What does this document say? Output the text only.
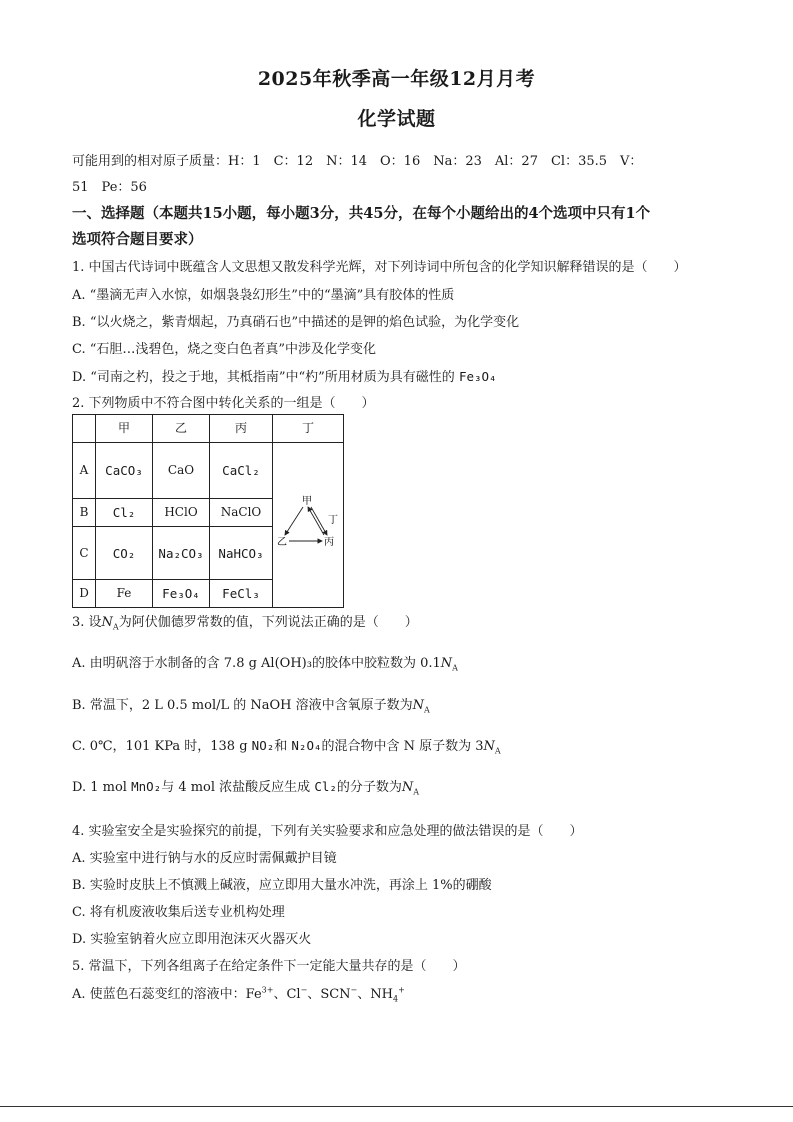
2025年秋季高一年级12月月考
化学试题
可能用到的相对原子质量：H：1　C：12　N：14　O：16　Na：23　Al：27　Cl：35.5　V：
51　Pe：56
一、选择题（本题共15小题，每小题3分，共45分，在每个小题给出的4个选项中只有1个
选项符合题目要求）
1. 中国古代诗词中既蕴含人文思想又散发科学光辉，对下列诗词中所包含的化学知识解释错误的是（　　）
A. “墨滴无声入水惊，如烟袅袅幻形生”中的“墨滴”具有胶体的性质
B. “以火烧之，紫青烟起，乃真硝石也”中描述的是钾的焰色试验，为化学变化
C. “石胆…浅碧色，烧之变白色者真”中涉及化学变化
D. “司南之杓，投之于地，其柢指南”中“杓”所用材质为具有磁性的 Fe₃O₄
2. 下列物质中不符合图中转化关系的一组是（　　）
	甲	乙	丙	丁
A	CaCO₃	CaO	CaCl₂	甲
乙 丙
丁

B	Cl₂	HClO	NaClO	
C	CO₂	Na₂CO₃	NaHCO₃	
D	Fe	Fe₃O₄	FeCl₃	
3. 设$N_A$为阿伏伽德罗常数的值，下列说法正确的是（　　）
A. 由明矾溶于水制备的含 7.8 g Al(OH)₃的胶体中胶粒数为 $0.1N_A$
B. 常温下，2 L 0.5 mol/L 的 NaOH 溶液中含氧原子数为$N_A$
C. 0℃，101 KPa 时，138 g NO₂和 N₂O₄的混合物中含 N 原子数为 $3N_A$
D. 1 mol MnO₂与 4 mol 浓盐酸反应生成 Cl₂的分子数为$N_A$
4. 实验室安全是实验探究的前提，下列有关实验要求和应急处理的做法错误的是（　　）
A. 实验室中进行钠与水的反应时需佩戴护目镜
B. 实验时皮肤上不慎溅上碱液，应立即用大量水冲洗，再涂上 1%的硼酸
C. 将有机废液收集后送专业机构处理
D. 实验室钠着火应立即用泡沫灭火器灭火
5. 常温下，下列各组离子在给定条件下一定能大量共存的是（　　）
A. 使蓝色石蕊变红的溶液中：$Fe^{3+}$、Cl−、SCN−、$NH_4^+$
